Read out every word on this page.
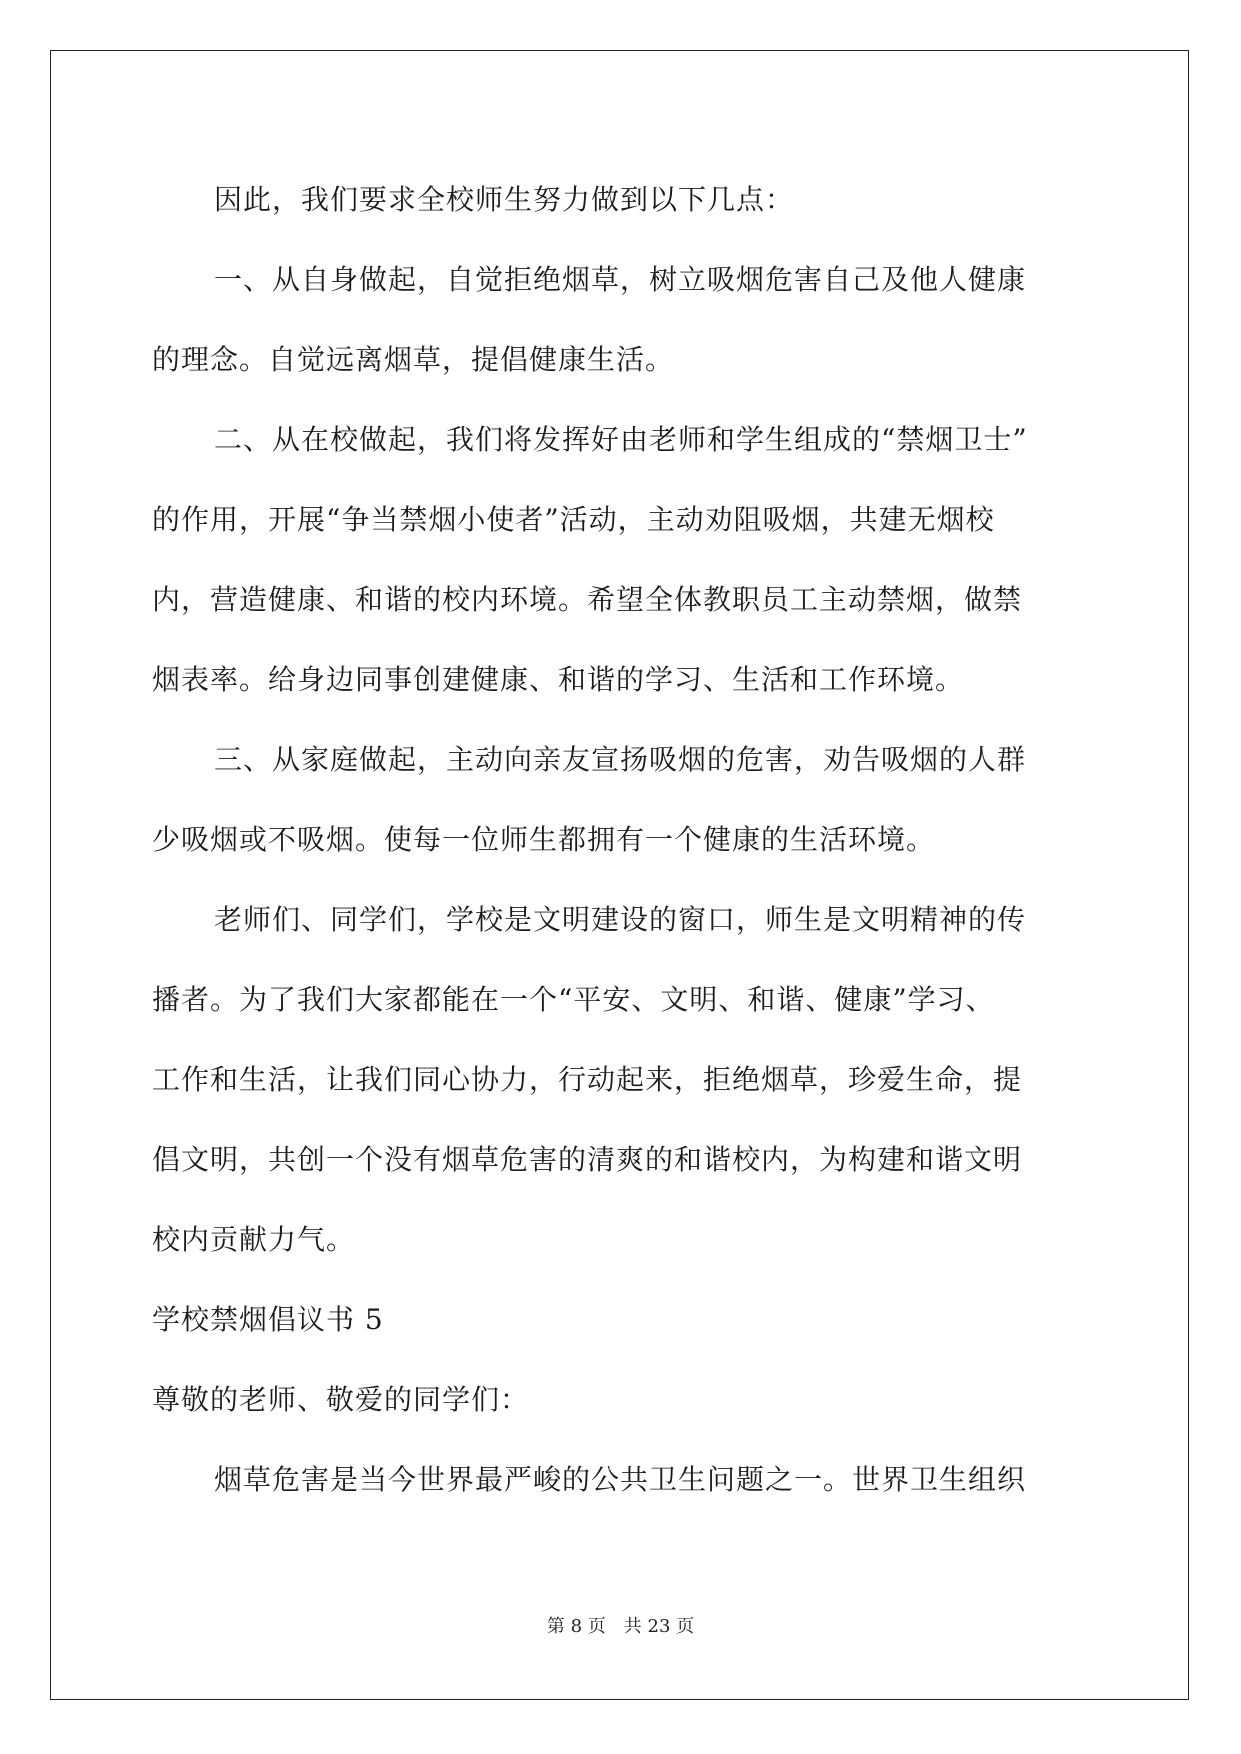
因此，我们要求全校师生努力做到以下几点：
一、从自身做起，自觉拒绝烟草，树立吸烟危害自己及他人健康
的理念。自觉远离烟草，提倡健康生活。
二、从在校做起，我们将发挥好由老师和学生组成的“禁烟卫士”
的作用，开展“争当禁烟小使者”活动，主动劝阻吸烟，共建无烟校
内，营造健康、和谐的校内环境。希望全体教职员工主动禁烟，做禁
烟表率。给身边同事创建健康、和谐的学习、生活和工作环境。
三、从家庭做起，主动向亲友宣扬吸烟的危害，劝告吸烟的人群
少吸烟或不吸烟。使每一位师生都拥有一个健康的生活环境。
老师们、同学们，学校是文明建设的窗口，师生是文明精神的传
播者。为了我们大家都能在一个“平安、文明、和谐、健康”学习、
工作和生活，让我们同心协力，行动起来，拒绝烟草，珍爱生命，提
倡文明，共创一个没有烟草危害的清爽的和谐校内，为构建和谐文明
校内贡献力气。
学校禁烟倡议书 5
尊敬的老师、敬爱的同学们：
烟草危害是当今世界最严峻的公共卫生问题之一。世界卫生组织
第 8 页　共 23 页
